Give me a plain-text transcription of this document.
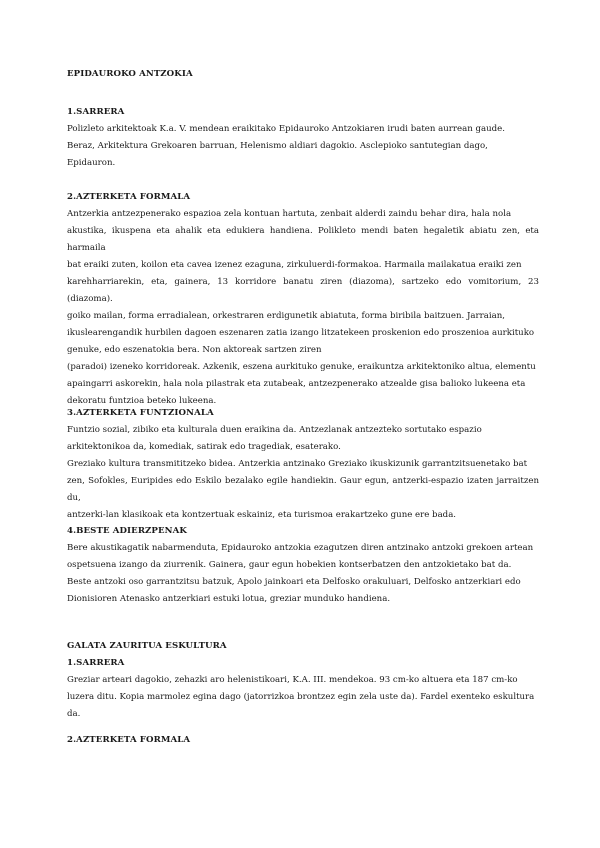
EPIDAUROKO ANTZOKIA
1.SARRERA
Polizleto arkitektoak K.a. V. mendean eraikitako Epidauroko Antzokiaren irudi baten aurrean gaude.
Beraz, Arkitektura Grekoaren barruan, Helenismo aldiari dagokio. Asclepioko santutegian dago,
Epidauron.
2.AZTERKETA FORMALA
Antzerkia antzezpenerako espazioa zela kontuan hartuta, zenbait alderdi zaindu behar dira, hala nola
akustika, ikuspena eta ahalik eta edukiera handiena. Polikleto mendi baten hegaletik abiatu zen, eta harmaila
bat eraiki zuten, koilon eta cavea izenez ezaguna, zirkuluerdi-formakoa. Harmaila mailakatua eraiki zen
karehharriarekin, eta, gainera, 13 korridore banatu ziren (diazoma), sartzeko edo vomitorium, 23 (diazoma).
goiko mailan, forma erradialean, orkestraren erdigunetik abiatuta, forma biribila baitzuen. Jarraian,
ikuslearengandik hurbilen dagoen eszenaren zatia izango litzatekeen proskenion edo proszenioa aurkituko
genuke, edo eszenatokia bera. Non aktoreak sartzen ziren
(paradoi) izeneko korridoreak. Azkenik, eszena aurkituko genuke, eraikuntza arkitektoniko altua, elementu
apaingarri askorekin, hala nola pilastrak eta zutabeak, antzezpenerako atzealde gisa balioko lukeena eta
dekoratu funtzioa beteko lukeena.
3.AZTERKETA FUNTZIONALA
Funtzio sozial, zibiko eta kulturala duen eraikina da. Antzezlanak antzezteko sortutako espazio
arkitektonikoa da, komediak, satirak edo tragediak, esaterako.
Greziako kultura transmititzeko bidea. Antzerkia antzinako Greziako ikuskizunik garrantzitsuenetako bat
zen, Sofokles, Euripides edo Eskilo bezalako egile handiekin. Gaur egun, antzerki-espazio izaten jarraitzen du,
antzerki-lan klasikoak eta kontzertuak eskainiz, eta turismoa erakartzeko gune ere bada.
4.BESTE ADIERZPENAK
Bere akustikagatik nabarmenduta, Epidauroko antzokia ezagutzen diren antzinako antzoki grekoen artean
ospetsuena izango da ziurrenik. Gainera, gaur egun hobekien kontserbatzen den antzokietako bat da.
Beste antzoki oso garrantzitsu batzuk, Apolo jainkoari eta Delfosko orakuluari, Delfosko antzerkiari edo
Dionisioren Atenasko antzerkiari estuki lotua, greziar munduko handiena.
GALATA ZAURITUA ESKULTURA
1.SARRERA
Greziar arteari dagokio, zehazki aro helenistikoari, K.A. III. mendekoa. 93 cm-ko altuera eta 187 cm-ko
luzera ditu. Kopia marmolez egina dago (jatorrizkoa brontzez egin zela uste da). Fardel exenteko eskultura da.
2.AZTERKETA FORMALA
